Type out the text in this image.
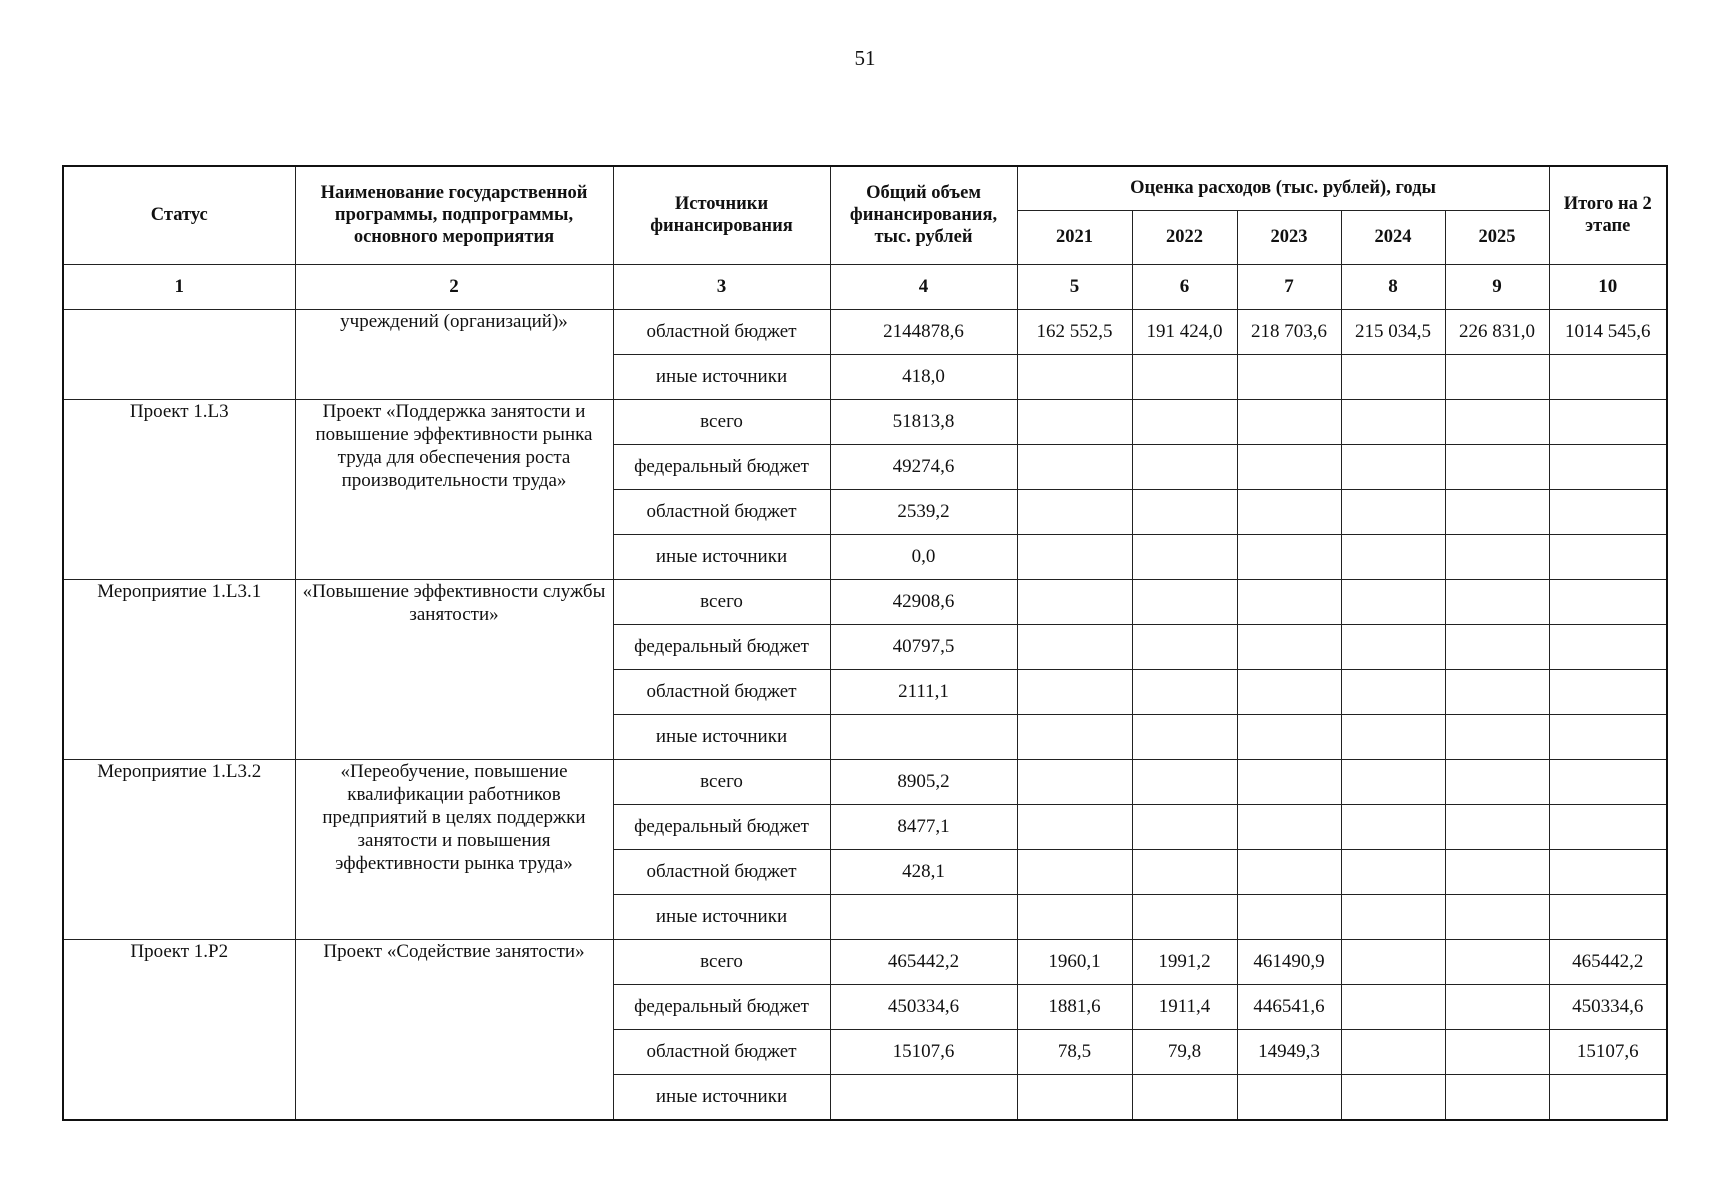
51
Статус	Наименование государственной программы, подпрограммы, основного мероприятия	Источники финансирования	Общий объем финансирования, тыс. рублей	Оценка расходов (тыс. рублей), годы					Итого на 2 этапе
				2021	2022	2023	2024	2025	
1	2	3	4	5	6	7	8	9	10
	учреждений (организаций)»	областной бюджет	2144878,6	162 552,5	191 424,0	218 703,6	215 034,5	226 831,0	1014 545,6
		иные источники	418,0						
Проект 1.L3	Проект «Поддержка занятости и повышение эффективности рынка труда для обеспечения роста производительности труда»	всего	51813,8						
		федеральный бюджет	49274,6						
		областной бюджет	2539,2						
		иные источники	0,0						
Мероприятие 1.L3.1	«Повышение эффективности службы занятости»	всего	42908,6						
		федеральный бюджет	40797,5						
		областной бюджет	2111,1						
		иные источники							
Мероприятие 1.L3.2	«Переобучение, повышение квалификации работников предприятий в целях поддержки занятости и повышения эффективности рынка труда»	всего	8905,2						
		федеральный бюджет	8477,1						
		областной бюджет	428,1						
		иные источники							
Проект 1.P2	Проект «Содействие занятости»	всего	465442,2	1960,1	1991,2	461490,9			465442,2
		федеральный бюджет	450334,6	1881,6	1911,4	446541,6			450334,6
		областной бюджет	15107,6	78,5	79,8	14949,3			15107,6
		иные источники							
